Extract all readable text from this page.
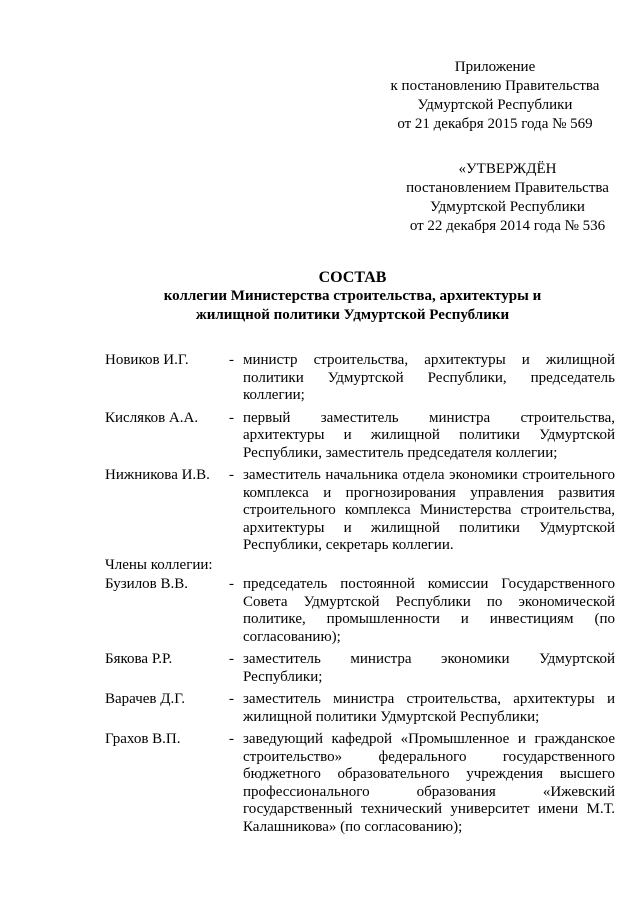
Приложение
к постановлению Правительства
Удмуртской Республики
от 21 декабря 2015 года № 569
«УТВЕРЖДЁН
постановлением Правительства
Удмуртской Республики
от 22 декабря 2014 года № 536
СОСТАВ
коллегии Министерства строительства, архитектуры и
жилищной политики Удмуртской Республики
Новиков И.Г.	- министр строительства, архитектуры и жилищной политики Удмуртской Республики, председатель коллегии;
Кисляков А.А.	- первый заместитель министра строительства, архитектуры и жилищной политики Удмуртской Республики, заместитель председателя коллегии;
Нижникова И.В.	- заместитель начальника отдела экономики строительного комплекса и прогнозирования управления развития строительного комплекса Министерства строительства, архитектуры и жилищной политики Удмуртской Республики, секретарь коллегии.
Члены коллегии:
Бузилов В.В.	- председатель постоянной комиссии Государственного Совета Удмуртской Республики по экономической политике, промышленности и инвестициям (по согласованию);
Бякова Р.Р.	- заместитель министра экономики Удмуртской Республики;
Варачев Д.Г.	- заместитель министра строительства, архитектуры и жилищной политики Удмуртской Республики;
Грахов В.П.	- заведующий кафедрой «Промышленное и гражданское строительство» федерального государственного бюджетного образовательного учреждения высшего профессионального образования «Ижевский государственный технический университет имени М.Т. Калашникова» (по согласованию);
